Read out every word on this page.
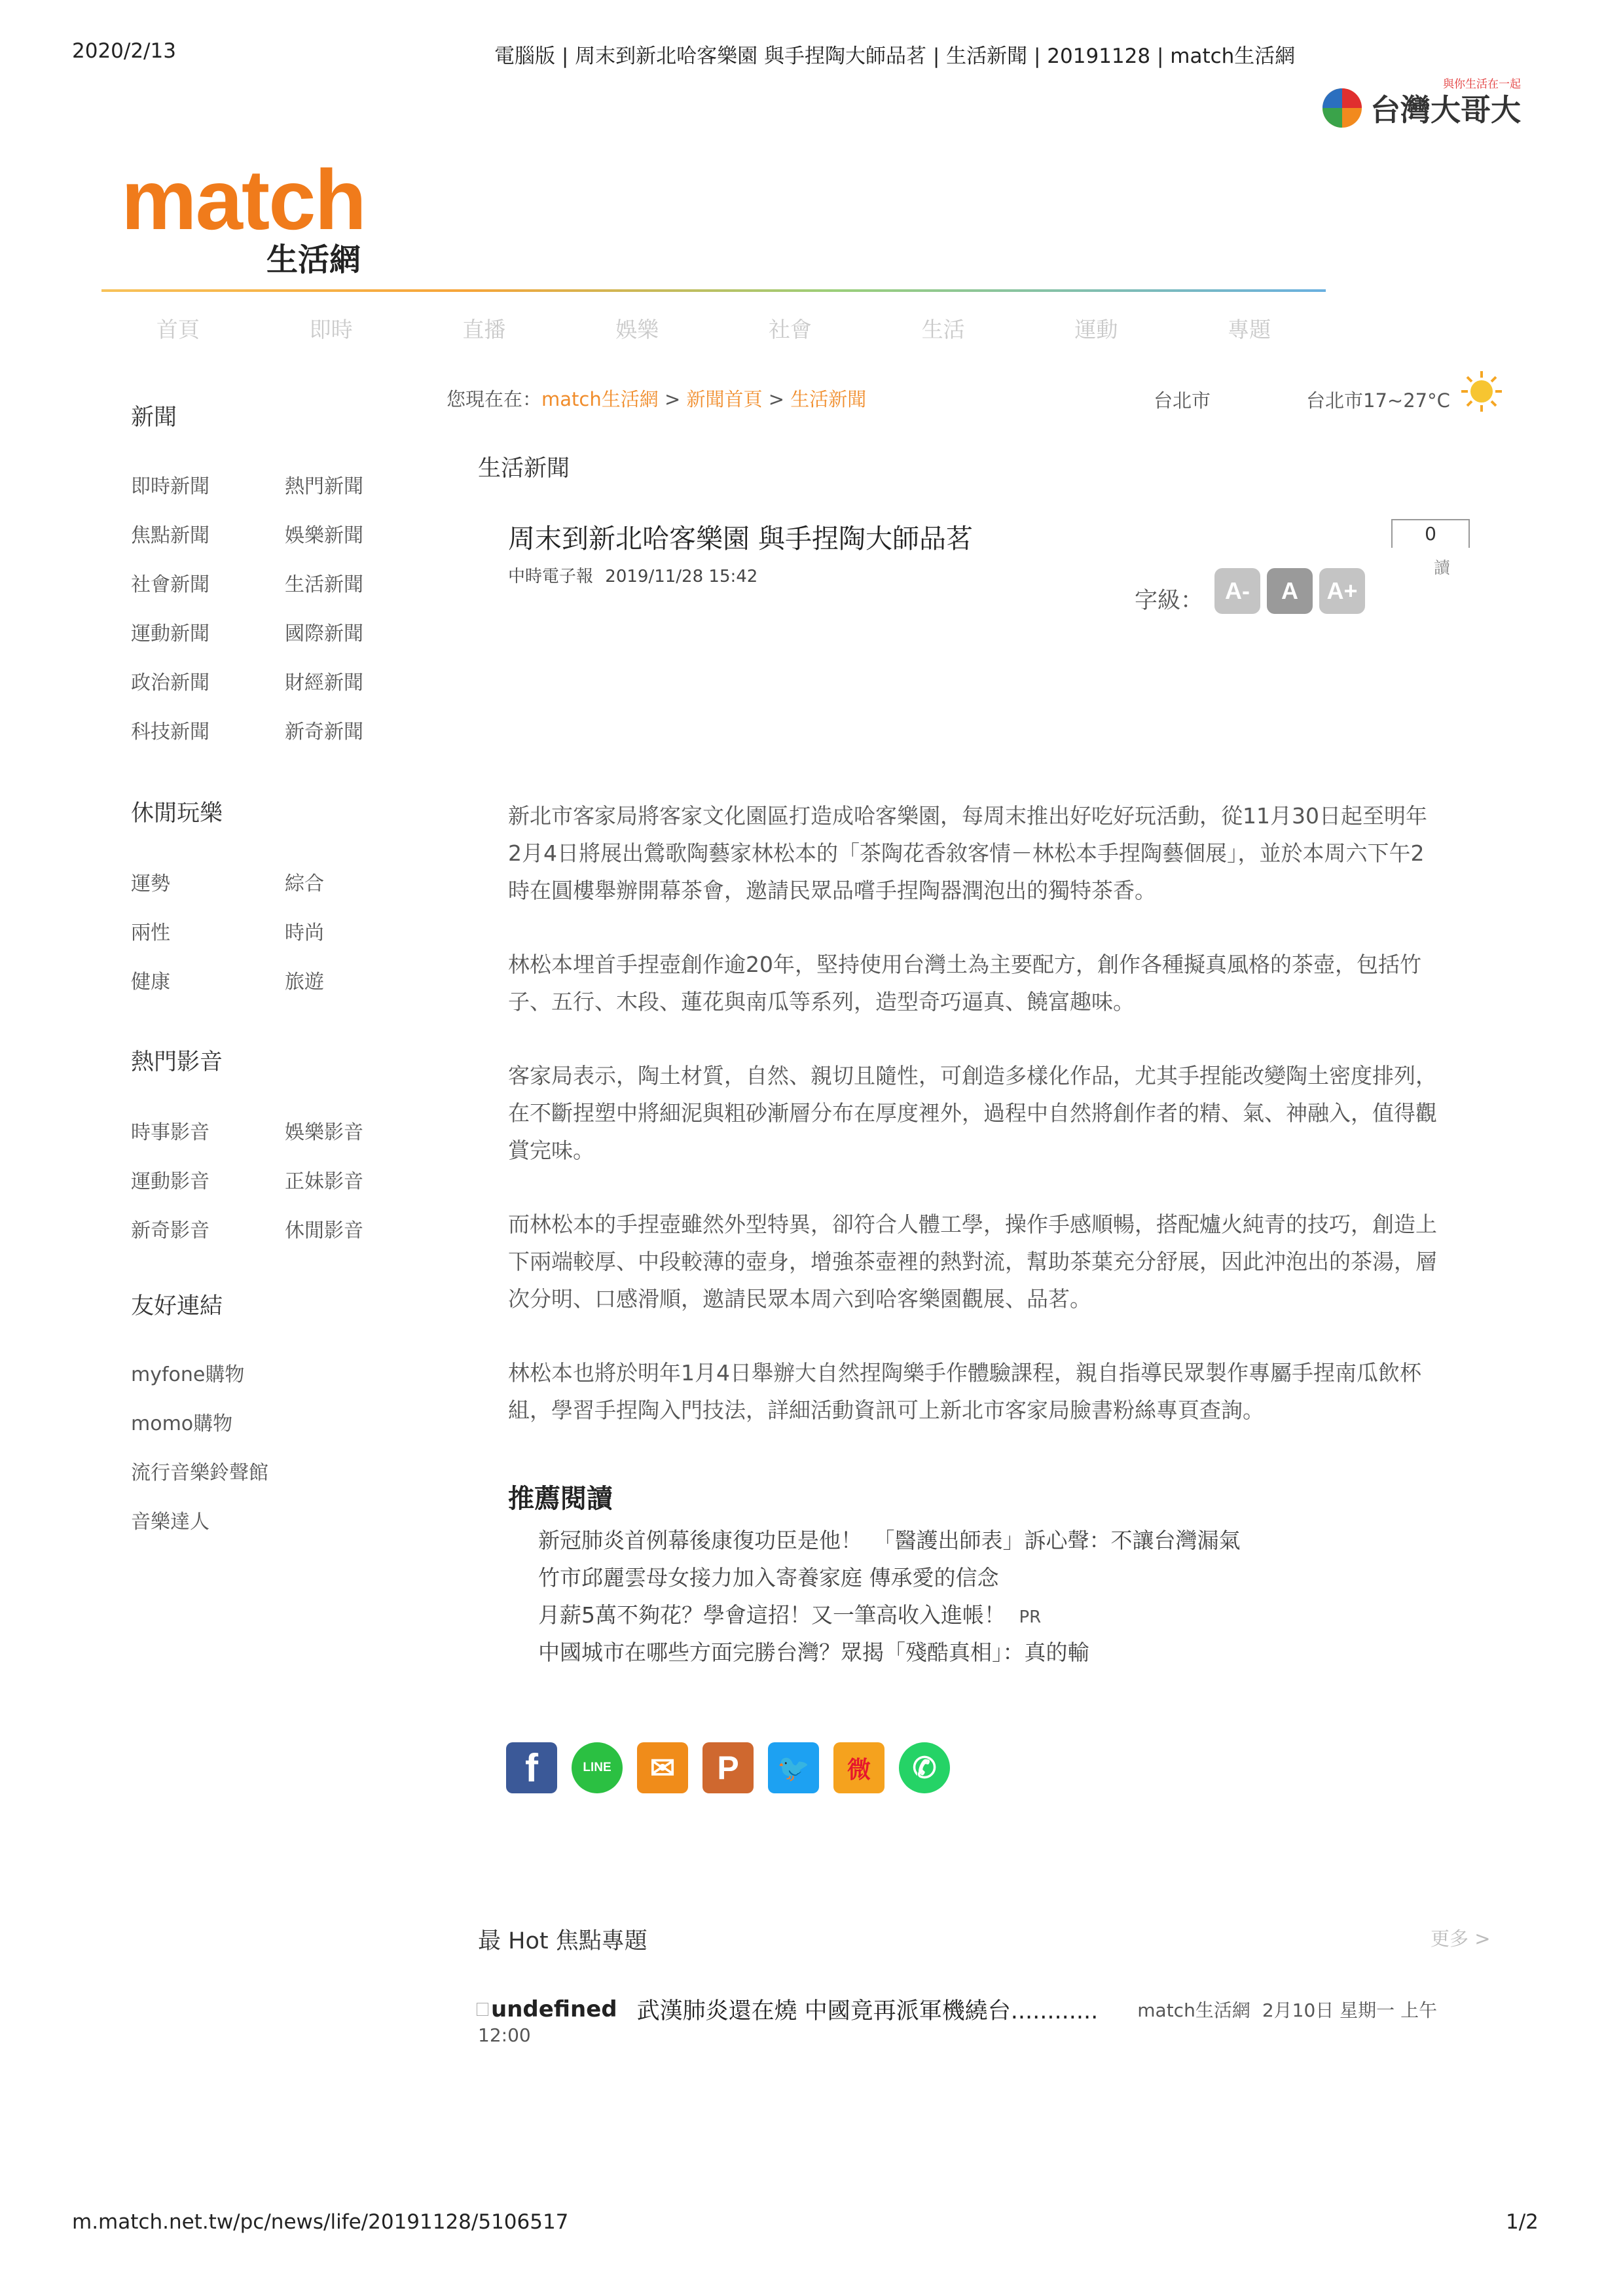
2020/2/13	電腦版 | 周末到新北哈客樂園 與手捏陶大師品茗 | 生活新聞 | 20191128 | match生活網
與你生活在一起
台灣大哥大
match
生活網
首頁	即時	直播	娛樂	社會	生活	運動	專題
新聞
即時新聞	熱門新聞
焦點新聞	娛樂新聞
社會新聞	生活新聞
運動新聞	國際新聞
政治新聞	財經新聞
科技新聞	新奇新聞
休閒玩樂
運勢	綜合
兩性	時尚
健康	旅遊
熱門影音
時事影音	娛樂影音
運動影音	正妹影音
新奇影音	休閒影音
友好連結
myfone購物
momo購物
流行音樂鈴聲館
音樂達人
您現在在：match生活網 > 新聞首頁 > 生活新聞	台北市	台北市17~27°C
生活新聞
周末到新北哈客樂園 與手捏陶大師品茗
中時電子報 2019/11/28 15:42
0
讀
字級： A-	A	A+

新北市客家局將客家文化園區打造成哈客樂園，每周末推出好吃好玩活動，從11月30日起至明年2月4日將展出鶯歌陶藝家林松本的「茶陶花香敘客情－林松本手捏陶藝個展」，並於本周六下午2時在圓樓舉辦開幕茶會，邀請民眾品嚐手捏陶器潤泡出的獨特茶香。

林松本埋首手捏壺創作逾20年，堅持使用台灣土為主要配方，創作各種擬真風格的茶壺，包括竹子、五行、木段、蓮花與南瓜等系列，造型奇巧逼真、饒富趣味。

客家局表示，陶土材質，自然、親切且隨性，可創造多樣化作品，尤其手捏能改變陶土密度排列，在不斷捏塑中將細泥與粗砂漸層分布在厚度裡外，過程中自然將創作者的精、氣、神融入，值得觀賞完味。

而林松本的手捏壺雖然外型特異，卻符合人體工學，操作手感順暢，搭配爐火純青的技巧，創造上下兩端較厚、中段較薄的壺身，增強茶壺裡的熱對流，幫助茶葉充分舒展，因此沖泡出的茶湯，層次分明、口感滑順，邀請民眾本周六到哈客樂園觀展、品茗。

林松本也將於明年1月4日舉辦大自然捏陶樂手作體驗課程，親自指導民眾製作專屬手捏南瓜飲杯組，學習手捏陶入門技法，詳細活動資訊可上新北市客家局臉書粉絲專頁查詢。

推薦閱讀
新冠肺炎首例幕後康復功臣是他！　「醫護出師表」訴心聲：不讓台灣漏氣
竹市邱麗雲母女接力加入寄養家庭 傳承愛的信念
月薪5萬不夠花？學會這招！又一筆高收入進帳！ PR
中國城市在哪些方面完勝台灣？眾揭「殘酷真相」：真的輸
f	LINE	✉	P	🐦	微	✆
最 Hot 焦點專題	更多 >
undefined 武漢肺炎還在燒 中國竟再派軍機繞台............ match生活網 2月10日 星期一 上午
12:00
m.match.net.tw/pc/news/life/20191128/5106517	1/2
